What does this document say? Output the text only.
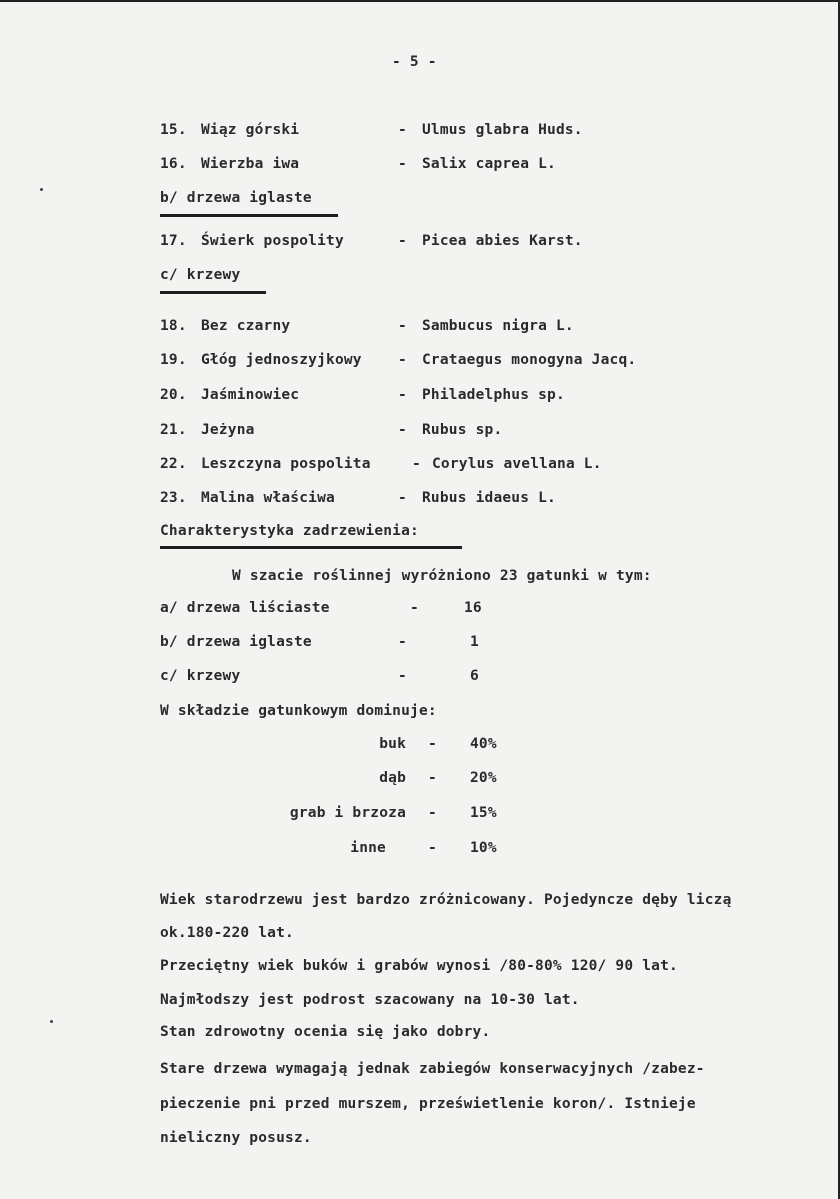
- 5 -
15. Wiąz górski	- Ulmus glabra Huds.
16. Wierzba iwa	- Salix caprea L.
b/ drzewa iglaste
17. Świerk pospolity	- Picea abies Karst.
c/ krzewy
18. Bez czarny	- Sambucus nigra L.
19. Głóg jednoszyjkowy	- Crataegus monogyna Jacq.
20. Jaśminowiec	- Philadelphus sp.
21. Jeżyna	- Rubus sp.
22. Leszczyna pospolita	- Corylus avellana L.
23. Malina właściwa	- Rubus idaeus L.
Charakterystyka zadrzewienia:
W szacie roślinnej wyróżniono 23 gatunki w tym:
a/ drzewa liściaste	-	16
b/ drzewa iglaste	-	1
c/ krzewy	-	6
W składzie gatunkowym dominuje:
buk - 40%
dąb - 20%
grab i brzoza - 15%
inne	- 10%
Wiek starodrzewu jest bardzo zróżnicowany. Pojedyncze dęby liczą
ok.180-220 lat.
Przeciętny wiek buków i grabów wynosi /80-80% 120/ 90 lat.
Najmłodszy jest podrost szacowany na 10-30 lat.
Stan zdrowotny ocenia się jako dobry.
Stare drzewa wymagają jednak zabiegów konserwacyjnych /zabez-
pieczenie pni przed murszem, prześwietlenie koron/. Istnieje
nieliczny posusz.
